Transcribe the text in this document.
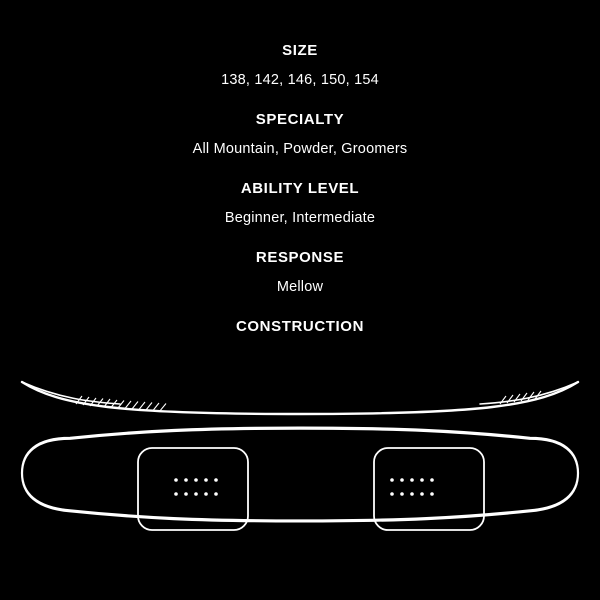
SIZE
138, 142, 146, 150, 154
SPECIALTY
All Mountain, Powder, Groomers
ABILITY LEVEL
Beginner, Intermediate
RESPONSE
Mellow
CONSTRUCTION
